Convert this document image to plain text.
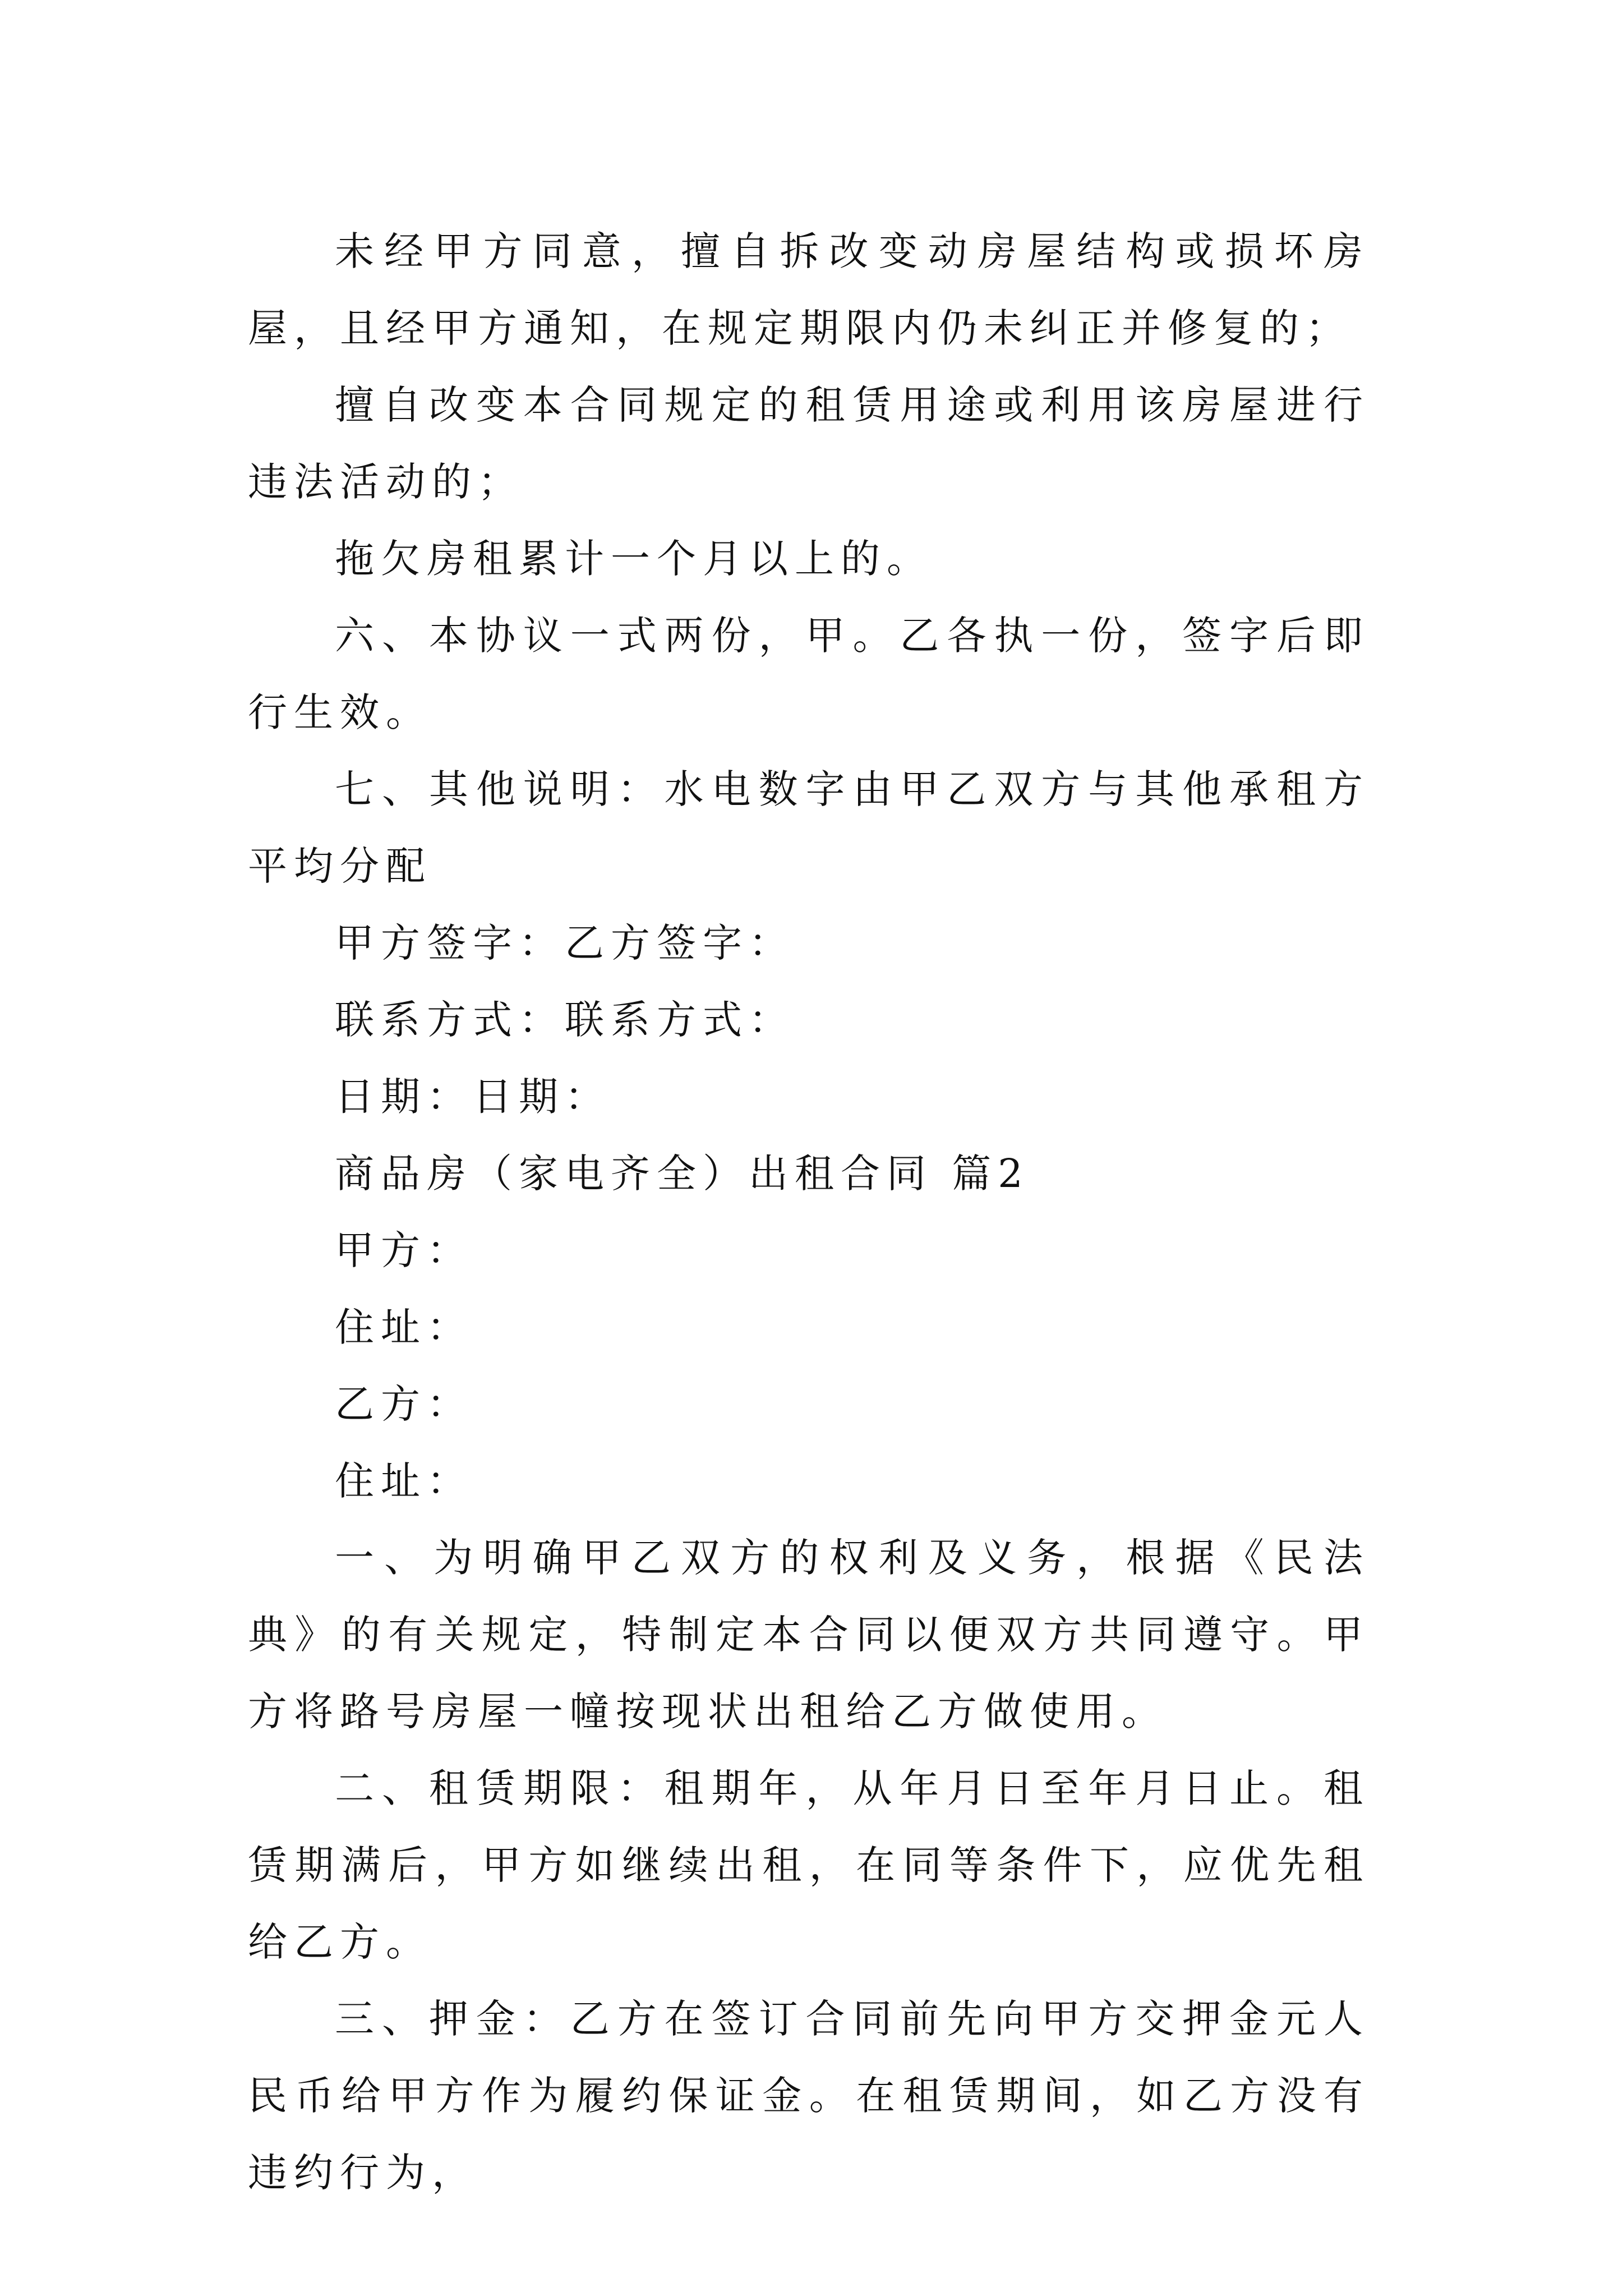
未经甲方同意，擅自拆改变动房屋结构或损坏房屋，且经甲方通知，在规定期限内仍未纠正并修复的；

擅自改变本合同规定的租赁用途或利用该房屋进行违法活动的；

拖欠房租累计一个月以上的。

六、本协议一式两份，甲。乙各执一份，签字后即行生效。

七、其他说明：水电数字由甲乙双方与其他承租方平均分配

甲方签字：乙方签字：

联系方式：联系方式：

日期：日期：

商品房（家电齐全）出租合同 篇2

甲方：

住址：

乙方：

住址：

一、为明确甲乙双方的权利及义务，根据《民法典》的有关规定，特制定本合同以便双方共同遵守。甲方将路号房屋一幢按现状出租给乙方做使用。

二、租赁期限：租期年，从年月日至年月日止。租赁期满后，甲方如继续出租，在同等条件下，应优先租给乙方。

三、押金：乙方在签订合同前先向甲方交押金元人民币给甲方作为履约保证金。在租赁期间，如乙方没有违约行为，
